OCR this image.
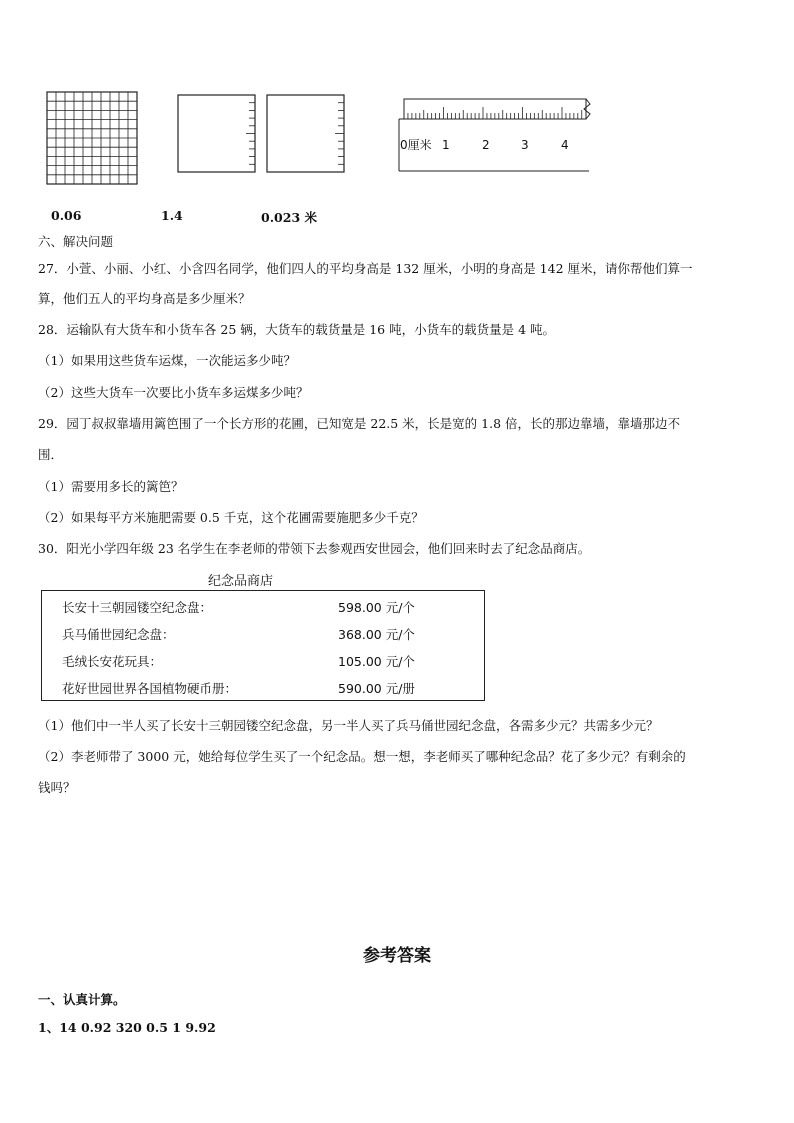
0厘米 1	2	3	4
0.06	1.4	0.023 米
六、解决问题
27．小萱、小丽、小红、小含四名同学，他们四人的平均身高是 132 厘米，小明的身高是 142 厘米，请你帮他们算一
算，他们五人的平均身高是多少厘米？
28．运输队有大货车和小货车各 25 辆，大货车的载货量是 16 吨，小货车的载货量是 4 吨。
（1）如果用这些货车运煤，一次能运多少吨？
（2）这些大货车一次要比小货车多运煤多少吨？
29．园丁叔叔靠墙用篱笆围了一个长方形的花圃，已知宽是 22.5 米，长是宽的 1.8 倍，长的那边靠墙，靠墙那边不
围．
（1）需要用多长的篱笆？
（2）如果每平方米施肥需要 0.5 千克，这个花圃需要施肥多少千克？
30．阳光小学四年级 23 名学生在李老师的带领下去参观西安世园会，他们回来时去了纪念品商店。
纪念品商店
长安十三朝园镂空纪念盘：	598.00 元/个
兵马俑世园纪念盘：	368.00 元/个
毛绒长安花玩具：	105.00 元/个
花好世园世界各国植物硬币册：	590.00 元/册
（1）他们中一半人买了长安十三朝园镂空纪念盘，另一半人买了兵马俑世园纪念盘，各需多少元？共需多少元？
（2）李老师带了 3000 元，她给每位学生买了一个纪念品。想一想，李老师买了哪种纪念品？花了多少元？有剩余的
钱吗？
参考答案
一、认真计算。
1、14 0.92 320 0.5 1 9.92
